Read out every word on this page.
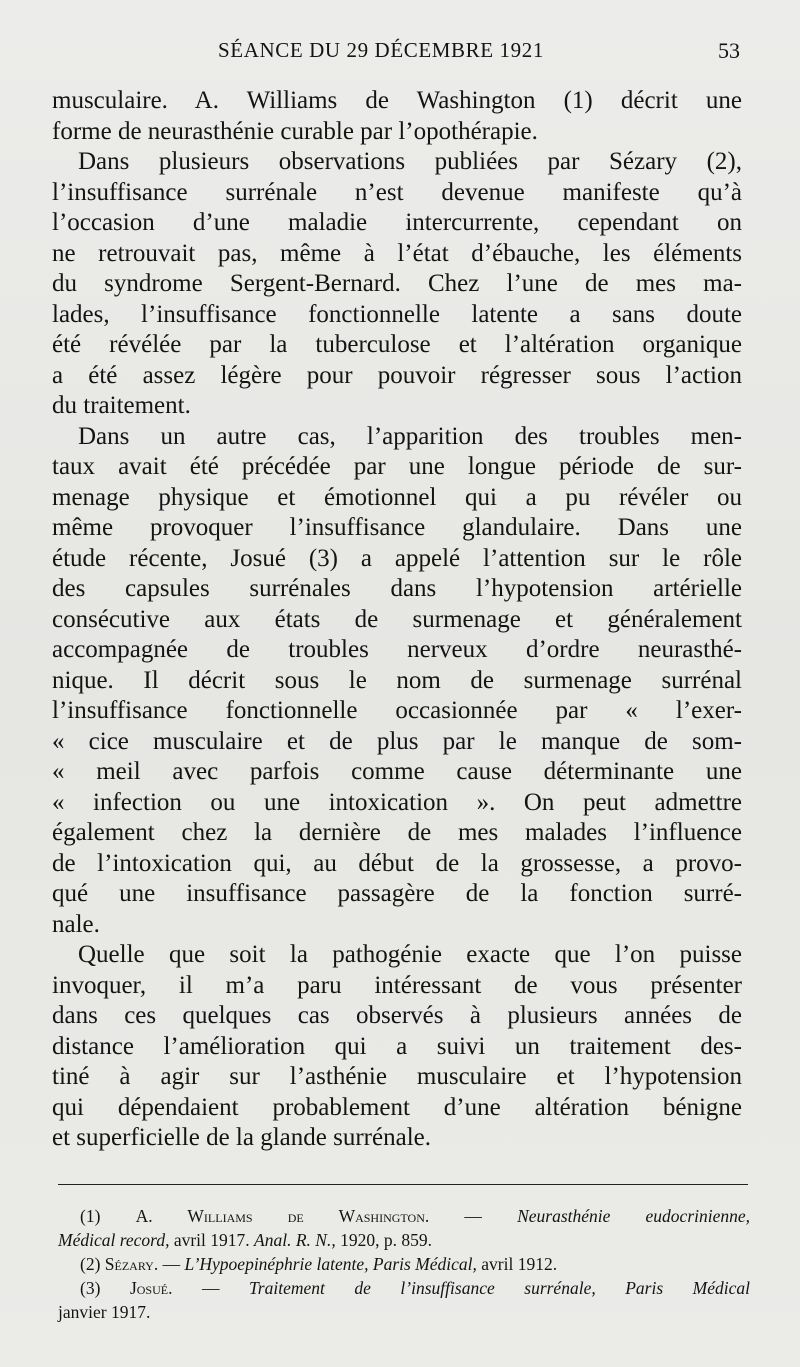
SÉANCE DU 29 DÉCEMBRE 1921	53
musculaire. A. Williams de Washington (1) décrit une
forme de neurasthénie curable par l’opothérapie.
Dans plusieurs observations publiées par Sézary (2),
l’insuffisance surrénale n’est devenue manifeste qu’à
l’occasion d’une maladie intercurrente, cependant on
ne retrouvait pas, même à l’état d’ébauche, les éléments
du syndrome Sergent-Bernard. Chez l’une de mes ma-
lades, l’insuffisance fonctionnelle latente a sans doute
été révélée par la tuberculose et l’altération organique
a été assez légère pour pouvoir régresser sous l’action
du traitement.
Dans un autre cas, l’apparition des troubles men-
taux avait été précédée par une longue période de sur-
menage physique et émotionnel qui a pu révéler ou
même provoquer l’insuffisance glandulaire. Dans une
étude récente, Josué (3) a appelé l’attention sur le rôle
des capsules surrénales dans l’hypotension artérielle
consécutive aux états de surmenage et généralement
accompagnée de troubles nerveux d’ordre neurasthé-
nique. Il décrit sous le nom de surmenage surrénal
l’insuffisance fonctionnelle occasionnée par « l’exer-
« cice musculaire et de plus par le manque de som-
« meil avec parfois comme cause déterminante une
« infection ou une intoxication ». On peut admettre
également chez la dernière de mes malades l’influence
de l’intoxication qui, au début de la grossesse, a provo-
qué une insuffisance passagère de la fonction surré-
nale.
Quelle que soit la pathogénie exacte que l’on puisse
invoquer, il m’a paru intéressant de vous présenter
dans ces quelques cas observés à plusieurs années de
distance l’amélioration qui a suivi un traitement des-
tiné à agir sur l’asthénie musculaire et l’hypotension
qui dépendaient probablement d’une altération bénigne
et superficielle de la glande surrénale.
(1) A. Williams de Washington. — Neurasthénie eudocrinienne,
Médical record, avril 1917. Anal. R. N., 1920, p. 859.
(2) Sézary. — L’Hypoepinéphrie latente, Paris Médical, avril 1912.
(3) Josué. — Traitement de l’insuffisance surrénale, Paris Médical
janvier 1917.
